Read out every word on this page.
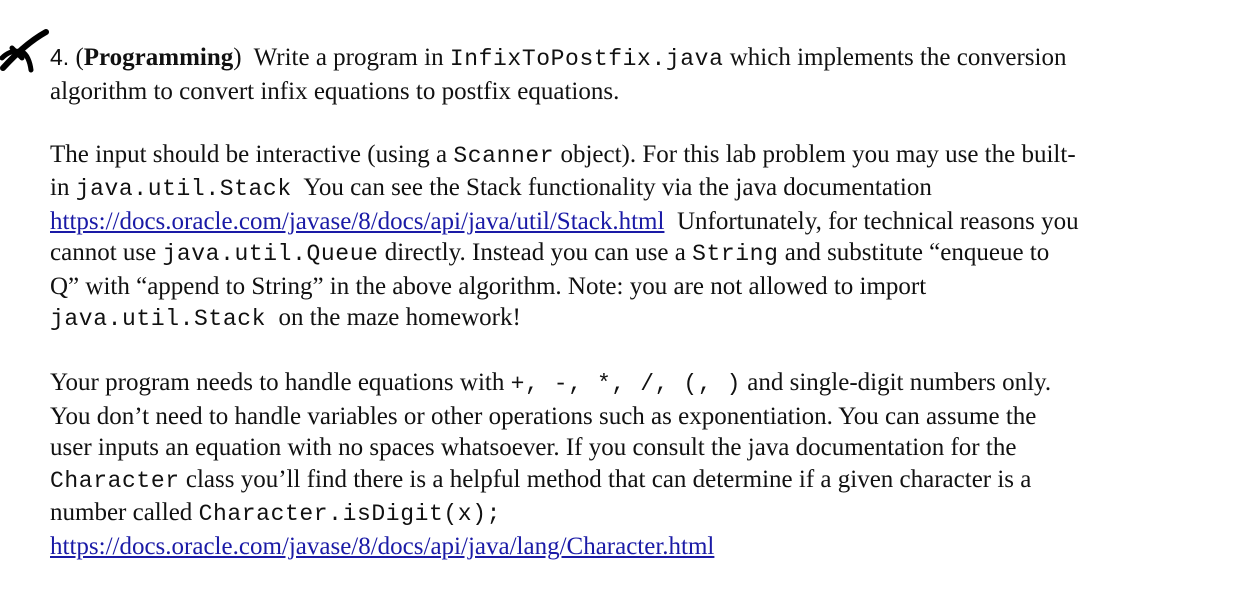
4. (Programming) Write a program in InfixToPostfix.java which implements the conversion
algorithm to convert infix equations to postfix equations.

The input should be interactive (using a Scanner object). For this lab problem you may use the built-
in java.util.Stack You can see the Stack functionality via the java documentation
https://docs.oracle.com/javase/8/docs/api/java/util/Stack.html Unfortunately, for technical reasons you
cannot use java.util.Queue directly. Instead you can use a String and substitute “enqueue to
Q” with “append to String” in the above algorithm. Note: you are not allowed to import
java.util.Stack on the maze homework!

Your program needs to handle equations with +, -, *, /, (, ) and single-digit numbers only.
You don’t need to handle variables or other operations such as exponentiation. You can assume the
user inputs an equation with no spaces whatsoever. If you consult the java documentation for the
Character class you’ll find there is a helpful method that can determine if a given character is a
number called Character.isDigit(x);
https://docs.oracle.com/javase/8/docs/api/java/lang/Character.html
